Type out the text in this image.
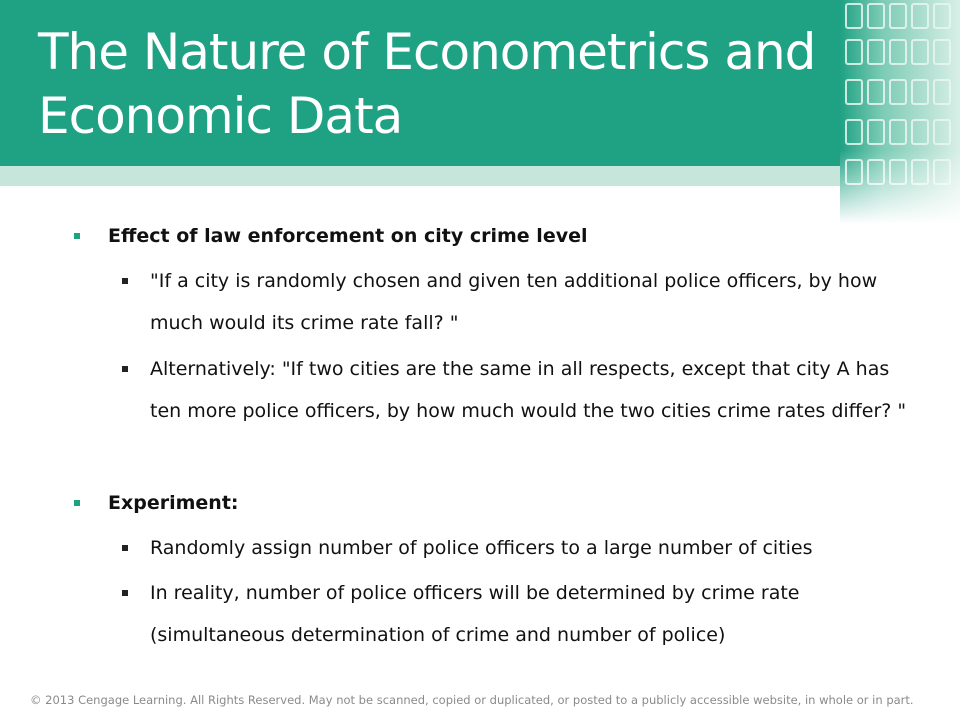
The Nature of Econometrics and Economic Data
Effect of law enforcement on city crime level
"If a city is randomly chosen and given ten additional police officers, by how much would its crime rate fall? "
Alternatively: "If two cities are the same in all respects, except that city A has ten more police officers, by how much would the two cities crime rates differ? "
Experiment:
Randomly assign number of police officers to a large number of cities
In reality, number of police officers will be determined by crime rate (simultaneous determination of crime and number of police)
© 2013 Cengage Learning. All Rights Reserved. May not be scanned, copied or duplicated, or posted to a publicly accessible website, in whole or in part.
